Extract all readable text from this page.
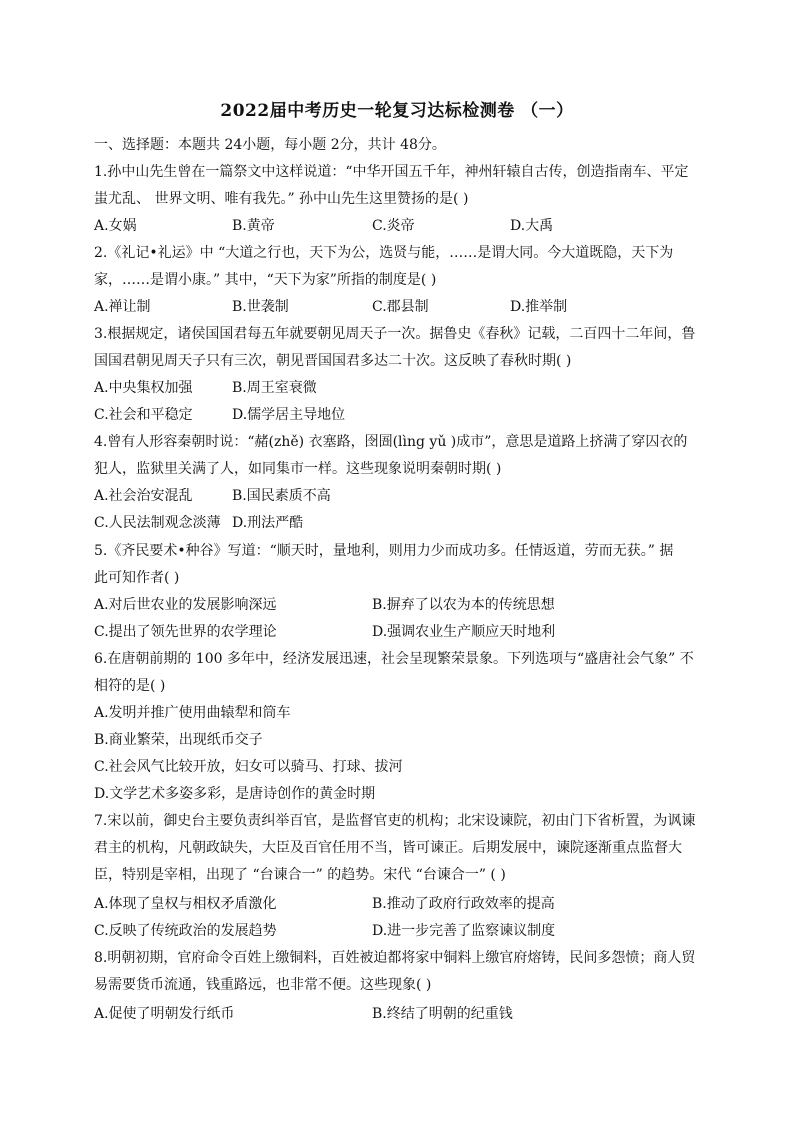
2022届中考历史一轮复习达标检测卷 （一）
一、选择题：本题共 24小题，每小题 2分，共计 48分。
1.孙中山先生曾在一篇祭文中这样说道：“中华开国五千年，神州轩辕自古传，创造指南车、平定
蚩尤乱、 世界文明、唯有我先。” 孙中山先生这里赞扬的是( )
A.女娲	B.黄帝	C.炎帝	D.大禹
2.《礼记•礼运》中 “大道之行也，天下为公，选贤与能，……是谓大同。今大道既隐，天下为
家，……是谓小康。” 其中，“天下为家”所指的制度是( )
A.禅让制	B.世袭制	C.郡县制	D.推举制
3.根据规定，诸侯国国君每五年就要朝见周天子一次。据鲁史《春秋》记载，二百四十二年间，鲁
国国君朝见周天子只有三次，朝见晋国国君多达二十次。这反映了春秋时期( )
A.中央集权加强	B.周王室衰微
C.社会和平稳定	D.儒学居主导地位
4.曾有人形容秦朝时说：“赭(zhě) 衣塞路，囹圄(lìng yǔ )成市”，意思是道路上挤满了穿囚衣的
犯人，监狱里关满了人，如同集市一样。这些现象说明秦朝时期( )
A.社会治安混乱	B.国民素质不高
C.人民法制观念淡薄 D.刑法严酷
5.《齐民要术•种谷》写道：“顺天时，量地利，则用力少而成功多。任情返道，劳而无获。” 据
此可知作者( )
A.对后世农业的发展影响深远	B.摒弃了以农为本的传统思想
C.提出了领先世界的农学理论	D.强调农业生产顺应天时地利
6.在唐朝前期的 100 多年中，经济发展迅速，社会呈现繁荣景象。下列选项与“盛唐社会气象” 不
相符的是( )
A.发明并推广使用曲辕犁和筒车
B.商业繁荣，出现纸币交子
C.社会风气比较开放，妇女可以骑马、打球、拔河
D.文学艺术多姿多彩，是唐诗创作的黄金时期
7.宋以前，御史台主要负责纠举百官，是监督官吏的机构；北宋设谏院，初由门下省析置，为讽谏
君主的机构，凡朝政缺失，大臣及百官任用不当，皆可谏正。后期发展中，谏院逐渐重点监督大
臣，特别是宰相，出现了 “台谏合一” 的趋势。宋代 “台谏合一” ( )
A.体现了皇权与相权矛盾激化	B.推动了政府行政效率的提高
C.反映了传统政治的发展趋势	D.进一步完善了监察谏议制度
8.明朝初期，官府命令百姓上缴铜料，百姓被迫都将家中铜料上缴官府熔铸，民间多怨愤；商人贸
易需要货币流通，钱重路远，也非常不便。这些现象( )
A.促使了明朝发行纸币	B.终结了明朝的纪重钱
